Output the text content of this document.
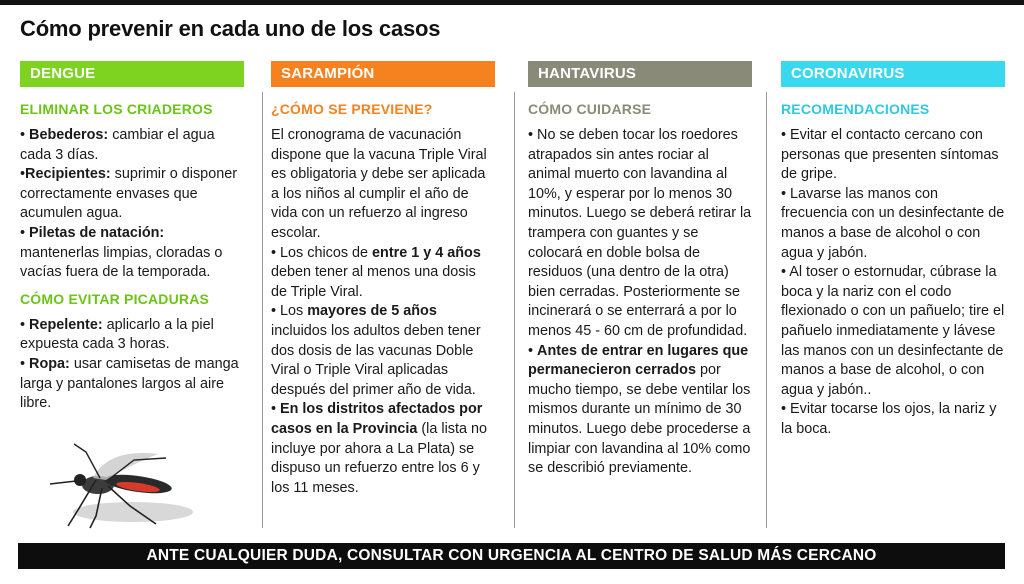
Cómo prevenir en cada uno de los casos
DENGUE
ELIMINAR LOS CRIADEROS

• Bebederos: cambiar el agua cada 3 días.

•Recipientes: suprimir o disponer correctamente envases que acumulen agua.

• Piletas de natación: mantenerlas limpias, cloradas o vacías fuera de la temporada.

CÓMO EVITAR PICADURAS

• Repelente: aplicarlo a la piel expuesta cada 3 horas.

• Ropa: usar camisetas de manga larga y pantalones largos al aire libre.

SARAMPIÓN
¿CÓMO SE PREVIENE?

El cronograma de vacunación dispone que la vacuna Triple Viral es obligatoria y debe ser aplicada a los niños al cumplir el año de vida con un refuerzo al ingreso escolar.

• Los chicos de entre 1 y 4 años deben tener al menos una dosis de Triple Viral.

• Los mayores de 5 años incluidos los adultos deben tener dos dosis de las vacunas Doble Viral o Triple Viral aplicadas después del primer año de vida.

• En los distritos afectados por casos en la Provincia (la lista no incluye por ahora a La Plata) se dispuso un refuerzo entre los 6 y los 11 meses.

HANTAVIRUS
CÓMO CUIDARSE

• No se deben tocar los roedores atrapados sin antes rociar al animal muerto con lavandina al 10%, y esperar por lo menos 30 minutos. Luego se deberá retirar la trampera con guantes y se colocará en doble bolsa de residuos (una dentro de la otra) bien cerradas. Posteriormente se incinerará o se enterrará a por lo menos 45 - 60 cm de profundidad.

• Antes de entrar en lugares que permanecieron cerrados por mucho tiempo, se debe ventilar los mismos durante un mínimo de 30 minutos. Luego debe procederse a limpiar con lavandina al 10% como se describió previamente.

CORONAVIRUS
RECOMENDACIONES

• Evitar el contacto cercano con personas que presenten síntomas de gripe.

• Lavarse las manos con frecuencia con un desinfectante de manos a base de alcohol o con agua y jabón.

• Al toser o estornudar, cúbrase la boca y la nariz con el codo flexionado o con un pañuelo; tire el pañuelo inmediatamente y lávese las manos con un desinfectante de manos a base de alcohol, o con agua y jabón..

• Evitar tocarse los ojos, la nariz y la boca.

ANTE CUALQUIER DUDA, CONSULTAR CON URGENCIA AL CENTRO DE SALUD MÁS CERCANO
